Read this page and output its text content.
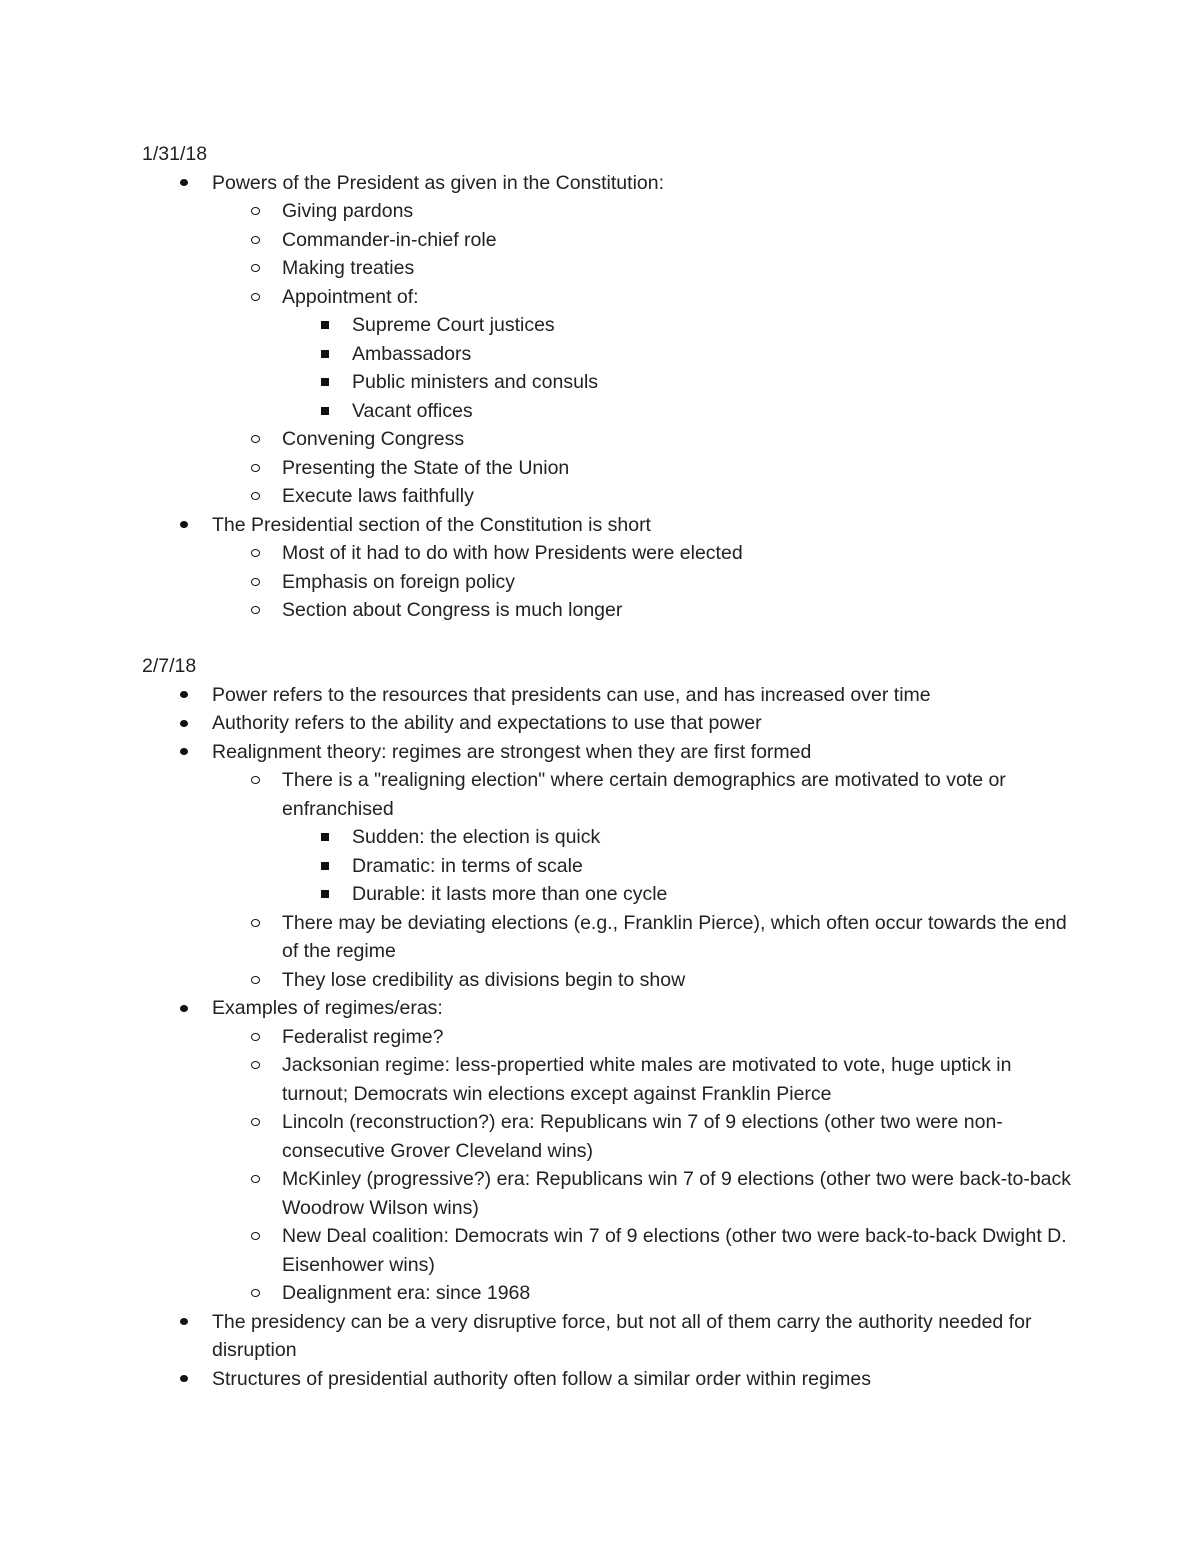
1/31/18
Powers of the President as given in the Constitution:
Giving pardons
Commander-in-chief role
Making treaties
Appointment of:
Supreme Court justices
Ambassadors
Public ministers and consuls
Vacant offices
Convening Congress
Presenting the State of the Union
Execute laws faithfully
The Presidential section of the Constitution is short
Most of it had to do with how Presidents were elected
Emphasis on foreign policy
Section about Congress is much longer
2/7/18
Power refers to the resources that presidents can use, and has increased over time
Authority refers to the ability and expectations to use that power
Realignment theory: regimes are strongest when they are first formed
There is a "realigning election" where certain demographics are motivated to vote or enfranchised
Sudden: the election is quick
Dramatic: in terms of scale
Durable: it lasts more than one cycle
There may be deviating elections (e.g., Franklin Pierce), which often occur towards the end of the regime
They lose credibility as divisions begin to show
Examples of regimes/eras:
Federalist regime?
Jacksonian regime: less-propertied white males are motivated to vote, huge uptick in turnout; Democrats win elections except against Franklin Pierce
Lincoln (reconstruction?) era: Republicans win 7 of 9 elections (other two were non-consecutive Grover Cleveland wins)
McKinley (progressive?) era: Republicans win 7 of 9 elections (other two were back-to-back Woodrow Wilson wins)
New Deal coalition: Democrats win 7 of 9 elections (other two were back-to-back Dwight D. Eisenhower wins)
Dealignment era: since 1968
The presidency can be a very disruptive force, but not all of them carry the authority needed for disruption
Structures of presidential authority often follow a similar order within regimes
